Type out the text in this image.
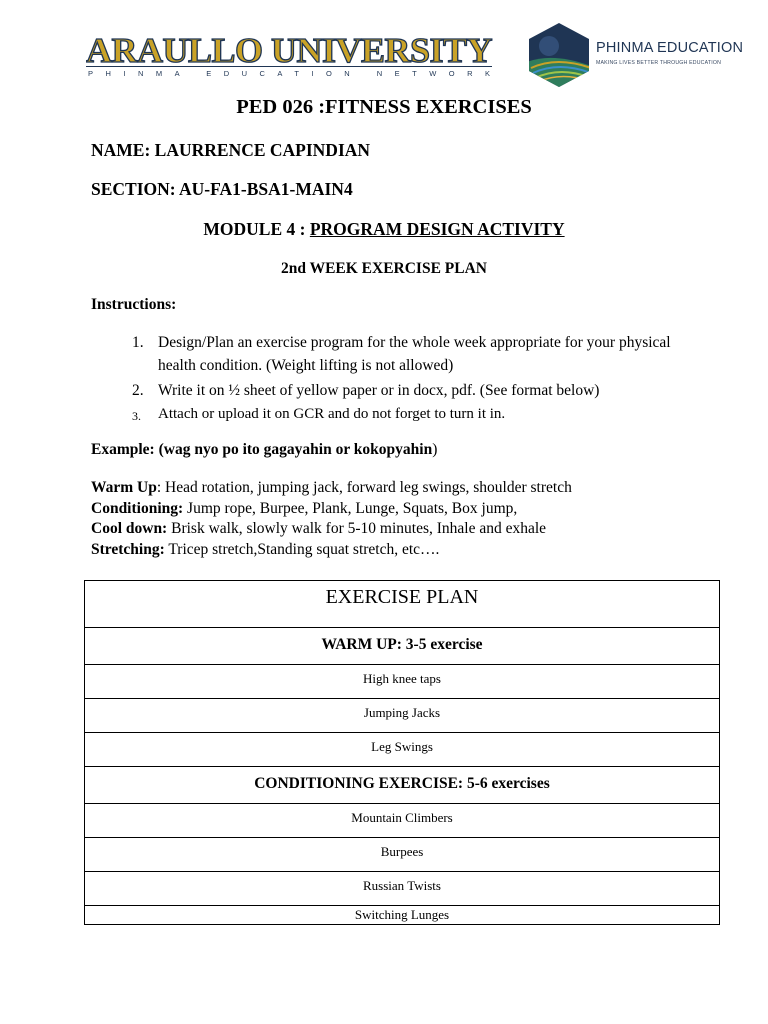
ARAULLO UNIVERSITY
PHINMA EDUCATION NETWORK
PHINMA EDUCATION
MAKING LIVES BETTER THROUGH EDUCATION
PED 026 :FITNESS EXERCISES
NAME: LAURRENCE CAPINDIAN
SECTION: AU-FA1-BSA1-MAIN4
MODULE 4 : PROGRAM DESIGN ACTIVITY
2nd WEEK EXERCISE PLAN
Instructions:
1. Design/Plan an exercise program for the whole week appropriate for your physical health condition. (Weight lifting is not allowed)
2. Write it on ½ sheet of yellow paper or in docx, pdf. (See format below)
3.	Attach or upload it on GCR and do not forget to turn it in.
Example: (wag nyo po ito gagayahin or kokopyahin)
Warm Up: Head rotation, jumping jack, forward leg swings, shoulder stretch
Conditioning: Jump rope, Burpee, Plank, Lunge, Squats, Box jump,
Cool down: Brisk walk, slowly walk for 5-10 minutes, Inhale and exhale
Stretching: Tricep stretch,Standing squat stretch, etc….
EXERCISE PLAN
WARM UP: 3-5 exercise
High knee taps
Jumping Jacks
Leg Swings
CONDITIONING EXERCISE: 5-6 exercises
Mountain Climbers
Burpees
Russian Twists
Switching Lunges
